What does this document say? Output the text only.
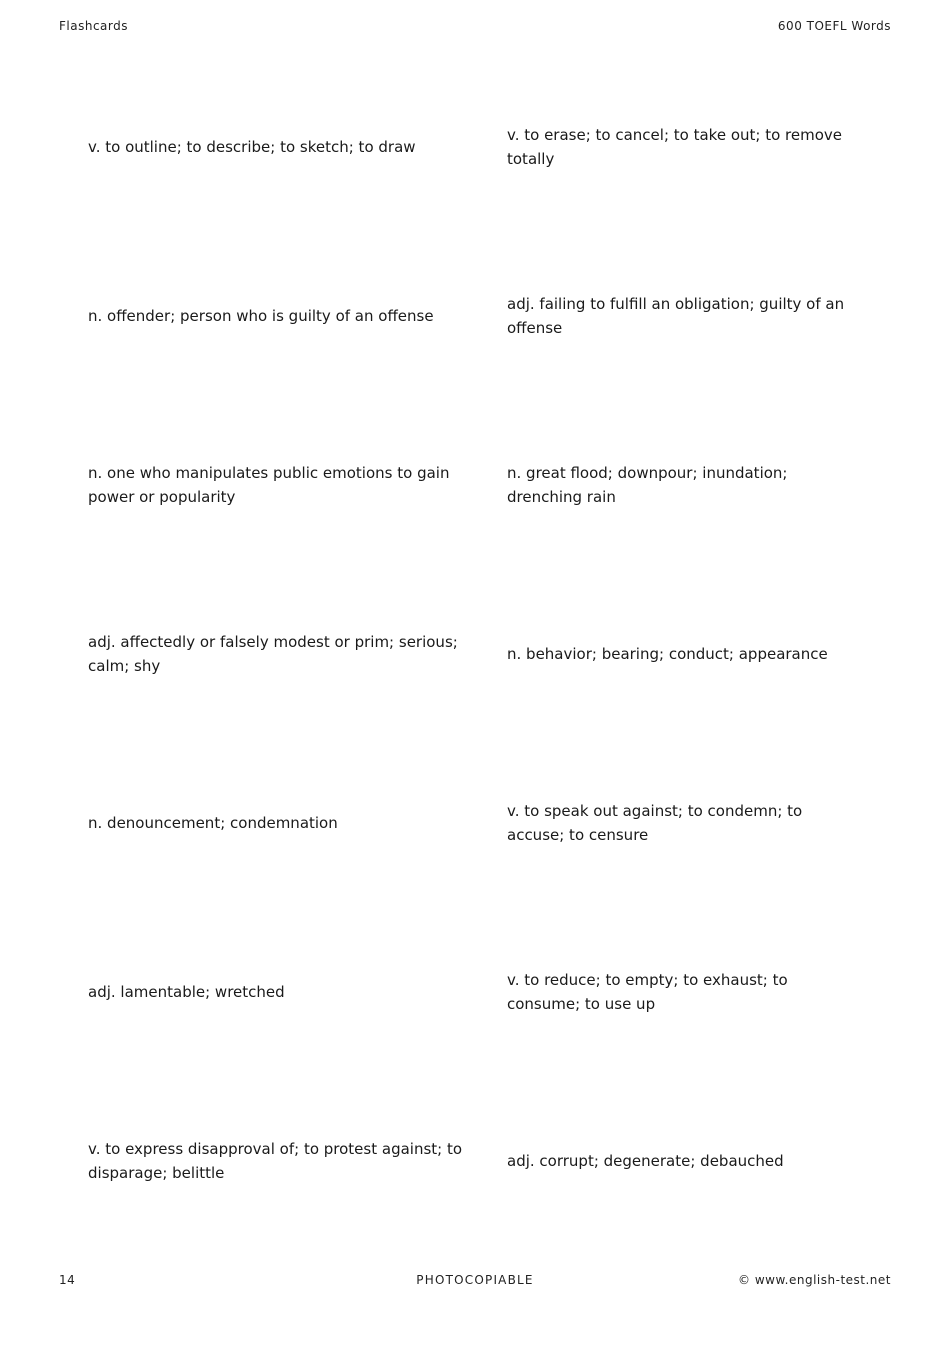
Flashcards	600 TOEFL Words
v. to outline; to describe; to sketch; to draw
v. to erase; to cancel; to take out; to remove totally
n. offender; person who is guilty of an offense
adj. failing to fulfill an obligation; guilty of an offense
n. one who manipulates public emotions to gain power or popularity
n. great flood; downpour; inundation; drenching rain
adj. affectedly or falsely modest or prim; serious; calm; shy
n. behavior; bearing; conduct; appearance
n. denouncement; condemnation
v. to speak out against; to condemn; to accuse; to censure
adj. lamentable; wretched
v. to reduce; to empty; to exhaust; to consume; to use up
v. to express disapproval of; to protest against; to disparage; belittle
adj. corrupt; degenerate; debauched
14	PHOTOCOPIABLE	© www.english-test.net
